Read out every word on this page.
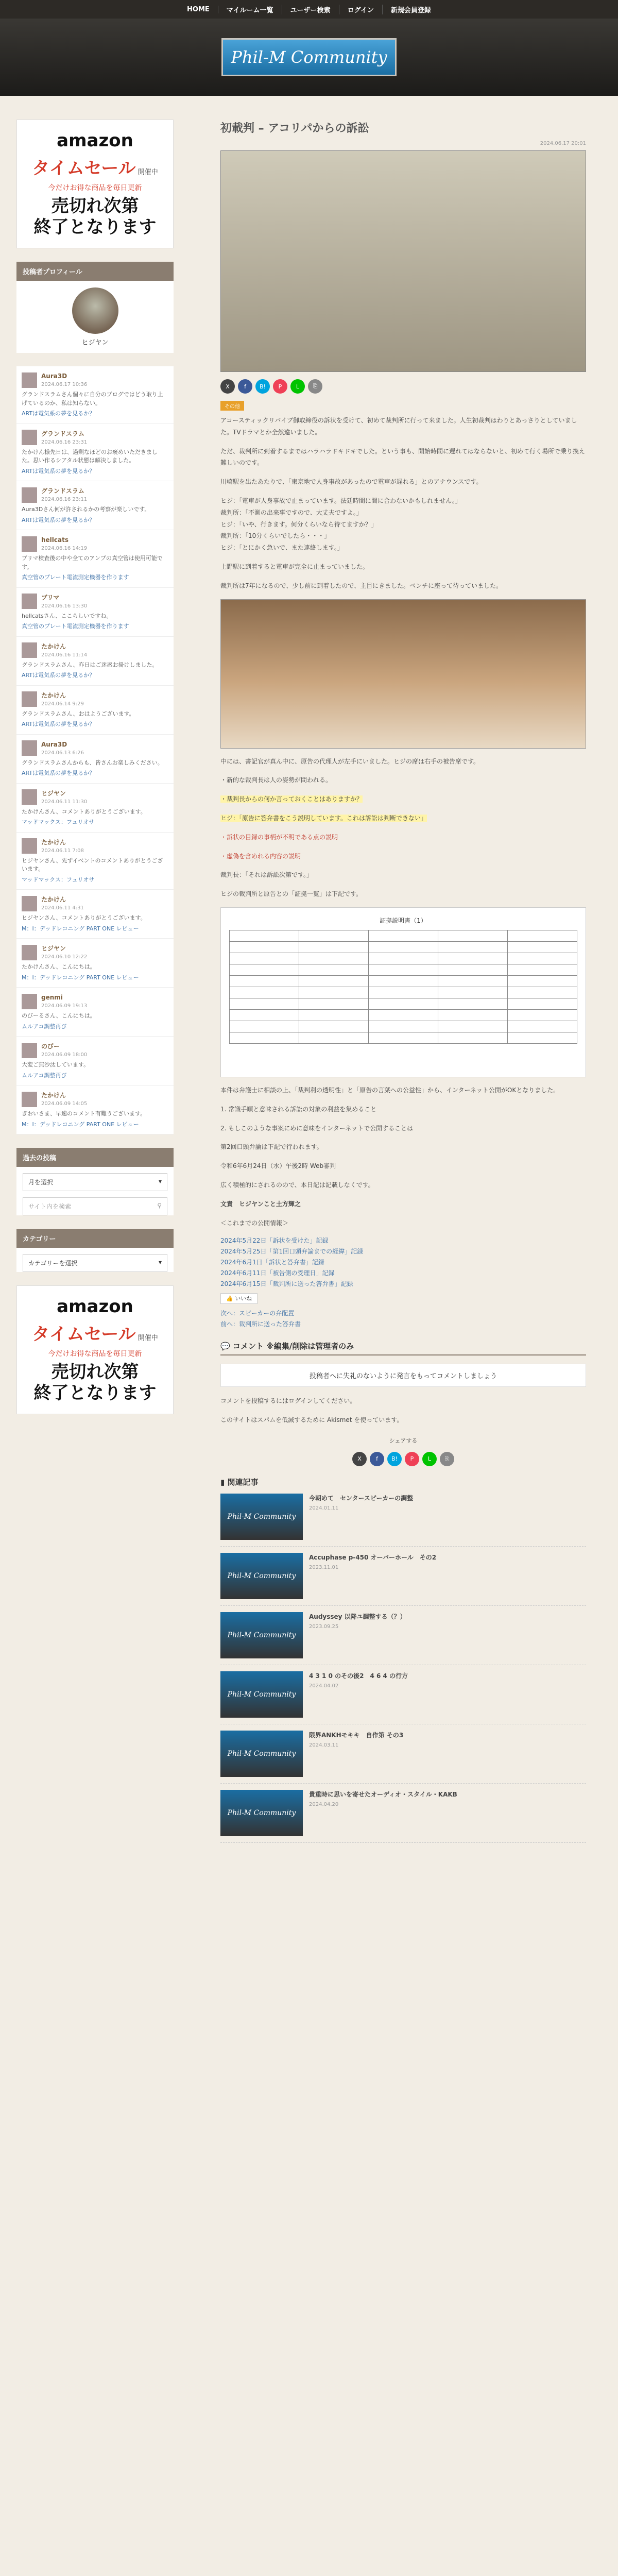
HOME	マイルーム一覧	ユーザー検索	ログイン	新規会員登録
Phil-M Community
amazon
タイムセール 開催中
今だけお得な商品を毎日更新
売切れ次第
終了となります
投稿者プロフィール
ヒジヤン
Aura3D
2024.06.17 10:36
グランドスラムさん個々に自分のブログではどう取り上げているのか、私は知らない。
ARTは電気系の夢を見るか？
グランドスラム
2024.06.16 23:31
たかけん様先日は、過剰なほどのお褒めいただきました。思い作るシアタル状態は解決しました。
ARTは電気系の夢を見るか？
グランドスラム
2024.06.16 23:11
Aura3Dさん何が許されるかの考察が楽しいです。
ARTは電気系の夢を見るか？
hellcats
2024.06.16 14:19
ブリマ検査後の中や全てのアンプの真空管は使用可能です。
真空管のプレート電流測定機器を作ります
ブリマ
2024.06.16 13:30
hellcatsさん、ここらしいですね。
真空管のプレート電流測定機器を作ります
たかけん
2024.06.16 11:14
グランドスラムさん、昨日はご迷惑お掛けしました。
ARTは電気系の夢を見るか？
たかけん
2024.06.14 9:29
グランドスラムさん、おはようございます。
ARTは電気系の夢を見るか？
Aura3D
2024.06.13 6:26
グランドスラムさんからも、皆さんお楽しみください。
ARTは電気系の夢を見るか？
ヒジヤン
2024.06.11 11:30
たかけんさん、コメントありがとうございます。
マッドマックス：フュリオサ
たかけん
2024.06.11 7:08
ヒジヤンさん、先ずイベントのコメントありがとうございます。
マッドマックス：フュリオサ
たかけん
2024.06.11 4:31
ヒジヤンさん、コメントありがとうございます。
M：I：デッドレコニング PART ONE レビュー
ヒジヤン
2024.06.10 12:22
たかけんさん、こんにちは。
M：I：デッドレコニング PART ONE レビュー
genmi
2024.06.09 19:13
のびーるさん、こんにちは。
ムルアコ調整再び
のびー
2024.06.09 18:00
大変ご無沙汰しています。
ムルアコ調整再び
たかけん
2024.06.09 14:05
ぎおいさま、早速のコメント有難うございます。
M：I：デッドレコニング PART ONE レビュー
過去の投稿
月を選択	▾
サイト内を検索	⚲
カテゴリー
カテゴリーを選択	▾
amazon
タイムセール 開催中
今だけお得な商品を毎日更新
売切れ次第
終了となります
初載判 – アコリパからの訴訟
2024.06.17 20:01
X	f	B!	P	L	⎘
その他
アコースティックリバイブ御取締役の訴状を受けて、初めて裁判所に行って来ました。人生初裁判はわりとあっさりとしていました。TVドラマとか全然違いました。
ただ、裁判所に到着するまではハラハラドキドキでした。という事も、開始時間に遅れてはならないと、初めて行く場所で乗り換え難しいのです。
川崎駅を出たあたりで、「東京地で人身事故があったので電車が遅れる」とのアナウンスです。
ヒジ：「電車が人身事故で止まっています。法廷時間に間に合わないかもしれません。」
裁判所：「不測の出来事ですので、大丈夫ですよ。」
ヒジ：「いや、行きます。何分くらいなら待てますか？」
裁判所：「10分くらいでしたら・・・」
ヒジ：「とにかく急いで、また連絡します。」
上野駅に到着すると電車が完全に止まっていました。
裁判所は7年になるので、少し前に到着したので、主目にきました。ベンチに座って待っていました。
中には、書記官が真ん中に、原告の代理人が左手にいました。ヒジの席は右手の被告席です。
・新的な裁判長は人の姿勢が問われる。
・裁判長からの何か言っておくことはありますか？
ヒジ：「原告に答弁書をこう説明しています。これは訴訟は判断できない」
・訴状の目録の事柄が不明である点の説明
・虚偽を含めれる内容の説明
裁判長：「それは訴訟次第です。」
ヒジの裁判所と原告との「証拠一覧」は下記です。
証拠説明書（1）

本件は弁護士に相談の上、「裁判利の透明性」と「原告の言葉への公益性」から、インターネット公開がOKとなりました。
1. 常識手順と意味される訴訟の対象の利益を集めること
2. もしこのような事案にめに意味をインターネットで公開することは
第2回口頭弁論は下記で行われます。
令和6年6月24日（水）午後2時 Web審判
広く積極的にされるのので、本日記は記載しなくです。
文責　ヒジヤンこと土方輝之
＜これまでの公開情報＞
2024年5月22日「訴状を受けた」記録
2024年5月25日「第1回口頭弁論までの経緯」記録
2024年6月1日「訴状と答弁書」記録
2024年6月11日「被告側の受理日」記録
2024年6月15日「裁判所に送った答弁書」記録
👍 いいね
次へ：スピーカーの弁配置
前へ：裁判所に送った答弁書
💬 コメント ※編集/削除は管理者のみ
投稿者へに失礼のないように発言をもってコメントしましょう
コメントを投稿するにはログインしてください。
このサイトはスパムを低減するために Akismet を使っています。
シェアする
X	f	B!	P	L	⎘
▮ 関連記事
Phil-M Community
今朝めて　センタースピーカーの調整
2024.01.11
Phil-M Community
Accuphase p-450 オーバーホール　その2
2023.11.01
Phil-M Community
Audyssey 以降ユ調整する（？）
2023.09.25
Phil-M Community
4 3 1 0 のその後2　4 6 4 の行方
2024.04.02
Phil-M Community
限界ANKHモキキ　自作第 その3
2024.03.11
Phil-M Community
貴重時に思いを寄せたオーディオ・スタイル・KAKB
2024.04.20
